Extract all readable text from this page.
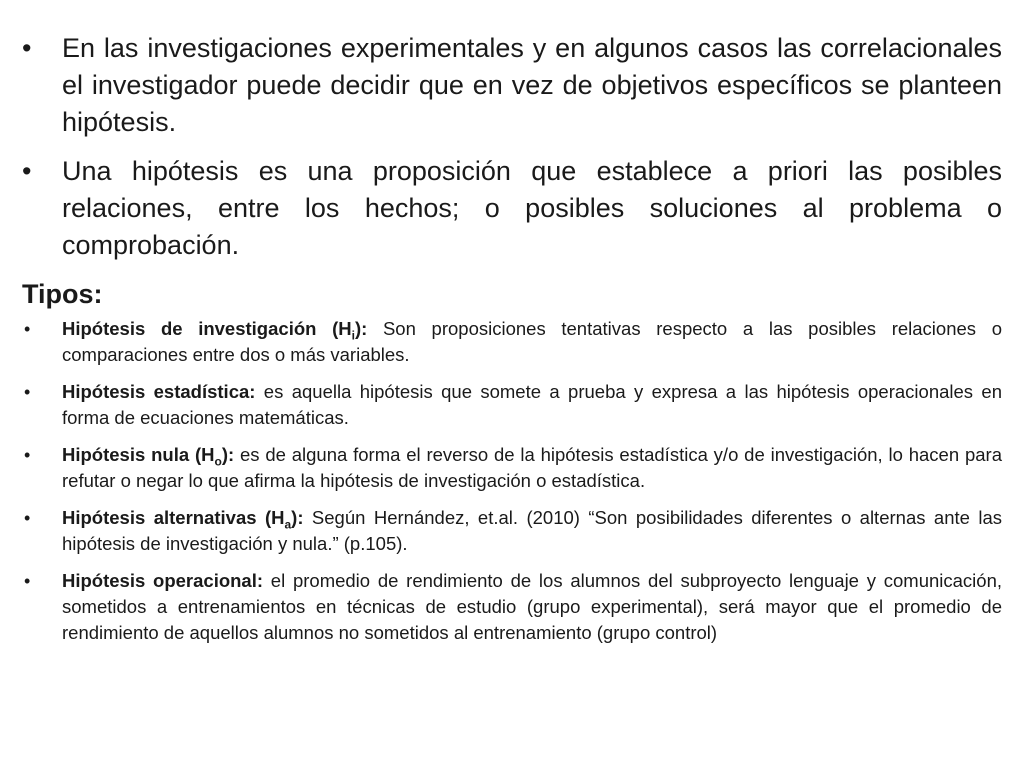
• En las investigaciones experimentales y en algunos casos las correlacionales el investigador puede decidir que en vez de objetivos específicos se planteen hipótesis.
• Una hipótesis es una proposición que establece a priori las posibles relaciones, entre los hechos; o posibles soluciones al problema o comprobación.
Tipos:
• Hipótesis de investigación $(H_i)$: Son proposiciones tentativas respecto a las posibles relaciones o comparaciones entre dos o más variables.
• Hipótesis estadística: es aquella hipótesis que somete a prueba y expresa a las hipótesis operacionales en forma de ecuaciones matemáticas.
• Hipótesis nula $(H_o)$: es de alguna forma el reverso de la hipótesis estadística y/o de investigación, lo hacen para refutar o negar lo que afirma la hipótesis de investigación o estadística.
• Hipótesis alternativas $(H_a)$: Según Hernández, et.al. (2010) “Son posibilidades diferentes o alternas ante las hipótesis de investigación y nula.” (p.105).
• Hipótesis operacional: el promedio de rendimiento de los alumnos del subproyecto lenguaje y comunicación, sometidos a entrenamientos en técnicas de estudio (grupo experimental), será mayor que el promedio de rendimiento de aquellos alumnos no sometidos al entrenamiento (grupo control)
